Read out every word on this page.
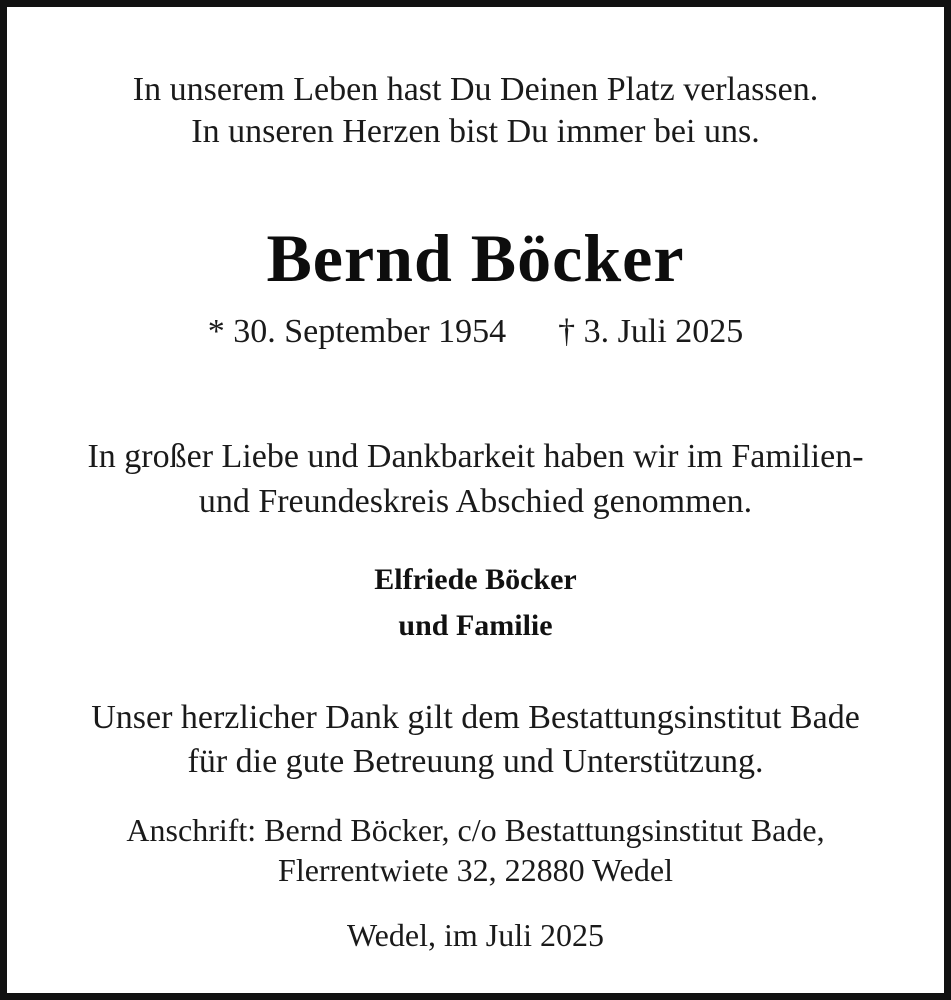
In unserem Leben hast Du Deinen Platz verlassen.
In unseren Herzen bist Du immer bei uns.
Bernd Böcker
* 30. September 1954 † 3. Juli 2025
In großer Liebe und Dankbarkeit haben wir im Familien-
und Freundeskreis Abschied genommen.
Elfriede Böcker
und Familie
Unser herzlicher Dank gilt dem Bestattungsinstitut Bade
für die gute Betreuung und Unterstützung.
Anschrift: Bernd Böcker, c/o Bestattungsinstitut Bade,
Flerrentwiete 32, 22880 Wedel
Wedel, im Juli 2025
